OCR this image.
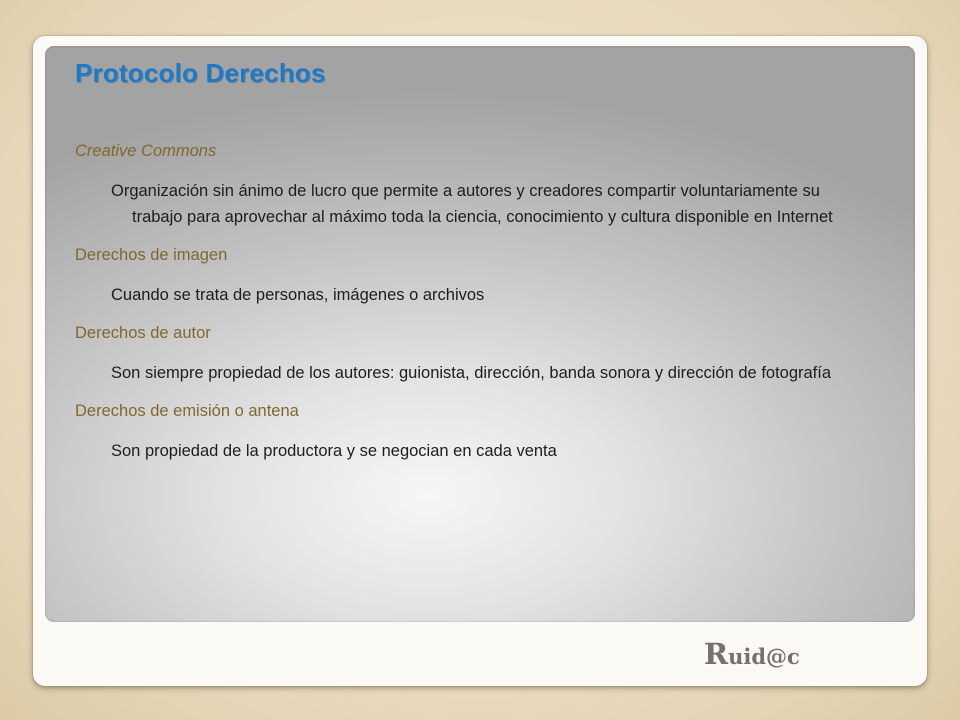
Protocolo Derechos

Creative Commons

Organización sin ánimo de lucro que permite a autores y creadores compartir voluntariamente su trabajo para aprovechar al máximo toda la ciencia, conocimiento y cultura disponible en Internet

Derechos de imagen

Cuando se trata de personas, imágenes o archivos

Derechos de autor

Son siempre propiedad de los autores: guionista, dirección, banda sonora y dirección de fotografía

Derechos de emisión o antena

Son propiedad de la productora y se negocian en cada venta

Ruid@c
